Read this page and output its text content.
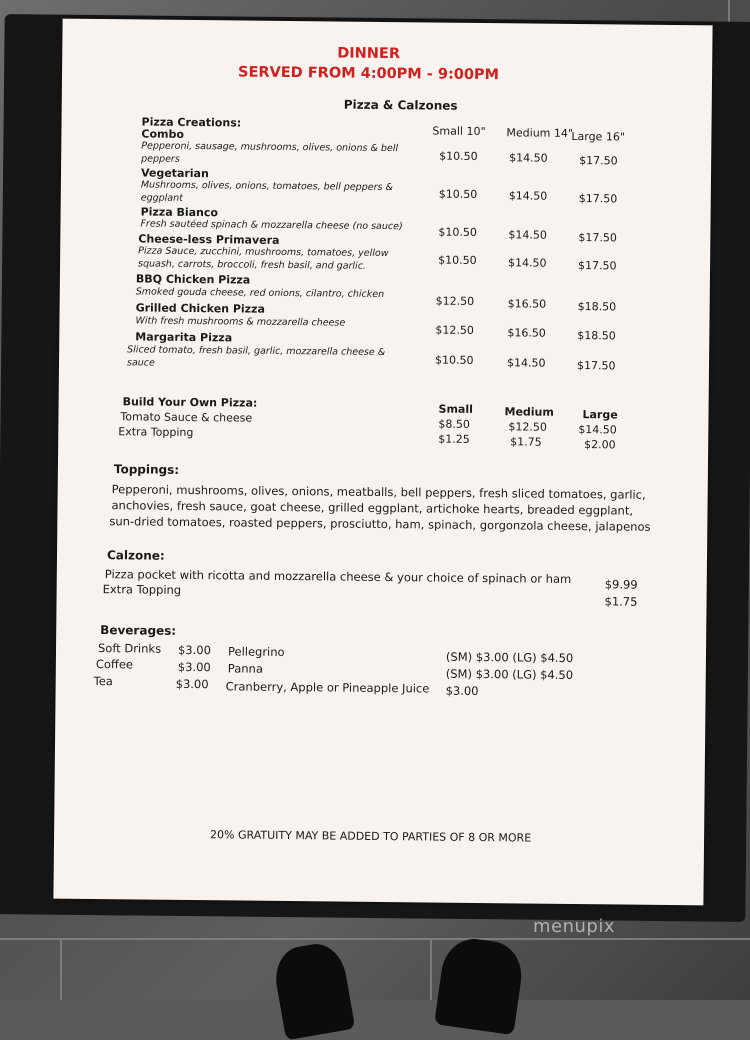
DINNER
SERVED FROM 4:00PM - 9:00PM
Pizza & Calzones
Pizza Creations:
Small 10" Medium 14"
Large 16"
Combo
Pepperoni, sausage, mushrooms, olives, onions & bell peppers	$10.50	$14.50	$17.50
Vegetarian
Mushrooms, olives, onions, tomatoes, bell peppers & eggplant	$10.50	$14.50	$17.50
Pizza Bianco
Fresh sautéed spinach & mozzarella cheese (no sauce)
$10.50	$14.50	$17.50
Cheese-less Primavera
Pizza Sauce, zucchini, mushrooms, tomatoes, yellow squash, carrots, broccoli, fresh basil, and garlic.	$10.50	$14.50	$17.50
BBQ Chicken Pizza
Smoked gouda cheese, red onions, cilantro, chicken
$12.50	$16.50	$18.50
Grilled Chicken Pizza
With fresh mushrooms & mozzarella cheese
$12.50	$16.50	$18.50
Margarita Pizza
Sliced tomato, fresh basil, garlic, mozzarella cheese & sauce	$10.50	$14.50	$17.50
Build Your Own Pizza:	Small	Medium	Large
Tomato Sauce & cheese	$8.50	$12.50	$14.50
Extra Topping
$1.25	$1.75	$2.00
Toppings:
Pepperoni, mushrooms, olives, onions, meatballs, bell peppers, fresh sliced tomatoes, garlic,
anchovies, fresh sauce, goat cheese, grilled eggplant, artichoke hearts, breaded eggplant,
sun-dried tomatoes, roasted peppers, prosciutto, ham, spinach, gorgonzola cheese, jalapenos
Calzone:
Pizza pocket with ricotta and mozzarella cheese & your choice of spinach or ham	$9.99
Extra Topping
$1.75
Beverages:
Soft Drinks $3.00 Pellegrino	(SM) $3.00 (LG) $4.50
Coffee	$3.00 Panna	(SM) $3.00 (LG) $4.50
Tea	$3.00 Cranberry, Apple or Pineapple Juice $3.00
20% GRATUITY MAY BE ADDED TO PARTIES OF 8 OR MORE
menupix
